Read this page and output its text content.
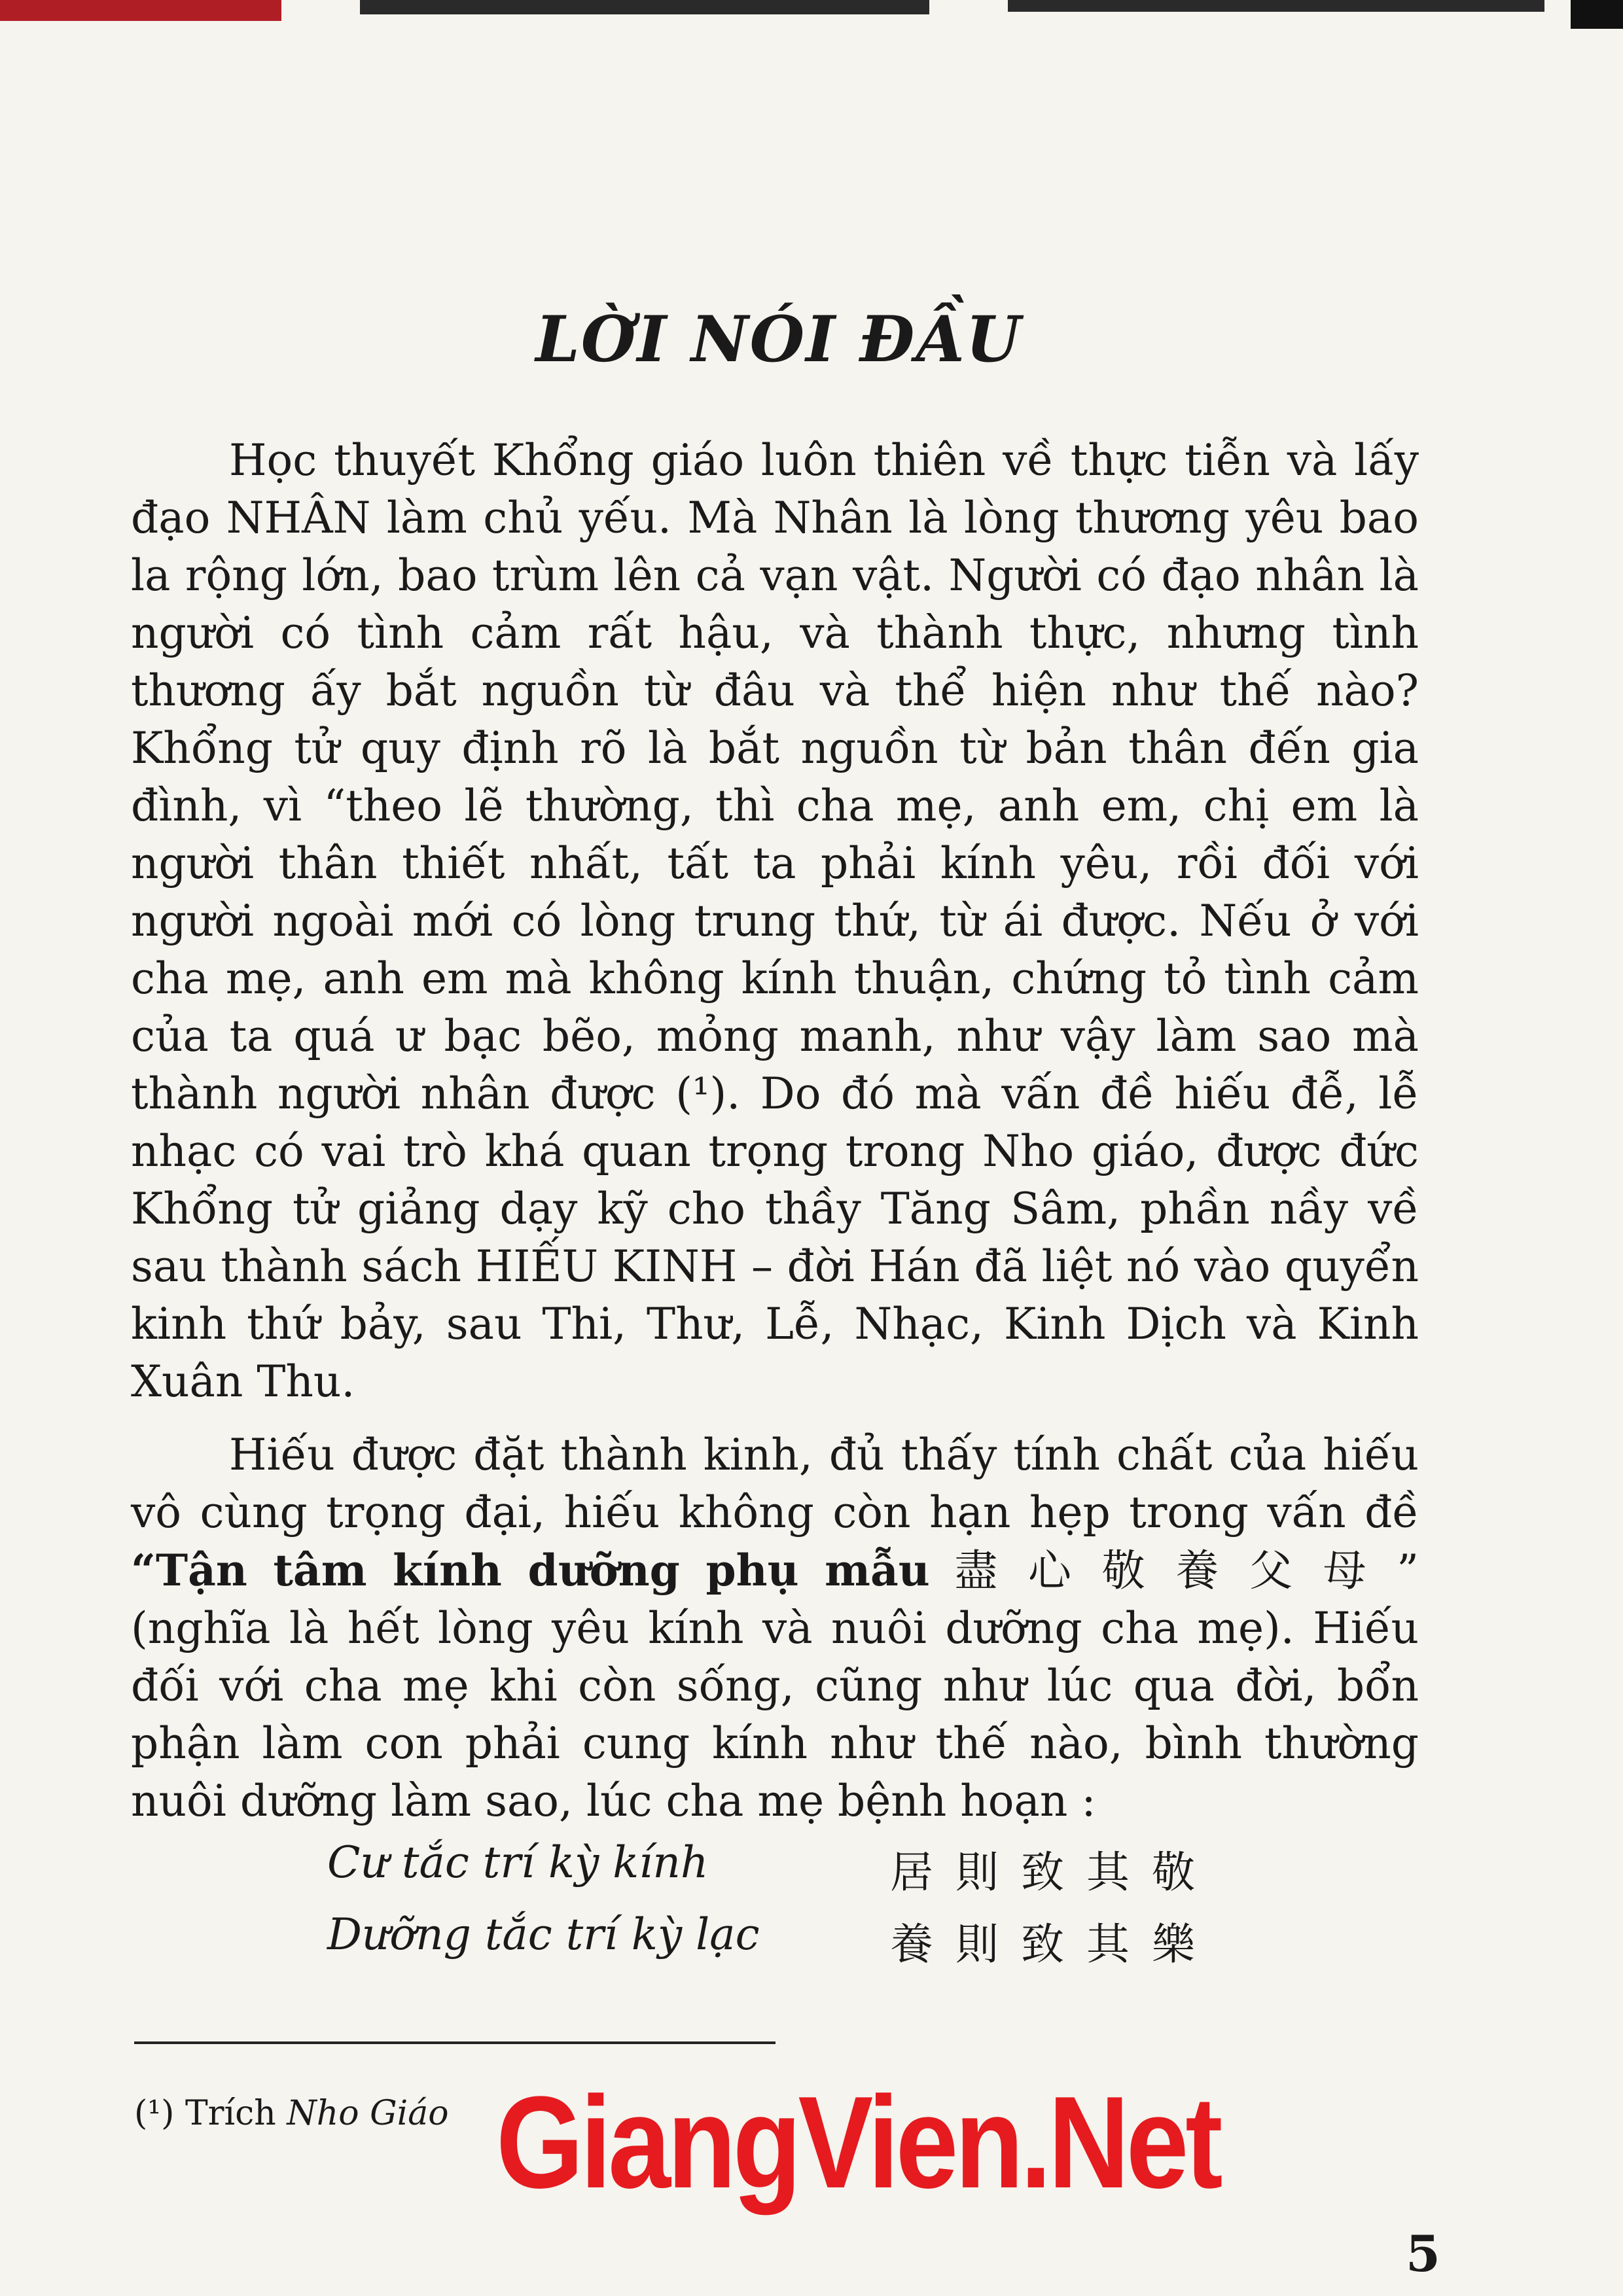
LỜI NÓI ĐẦU

Học thuyết Khổng giáo luôn thiên về thực tiễn và lấy đạo NHÂN làm chủ yếu. Mà Nhân là lòng thương yêu bao la rộng lớn, bao trùm lên cả vạn vật. Người có đạo nhân là người có tình cảm rất hậu, và thành thực, nhưng tình thương ấy bắt nguồn từ đâu và thể hiện như thế nào? Khổng tử quy định rõ là bắt nguồn từ bản thân đến gia đình, vì “theo lẽ thường, thì cha mẹ, anh em, chị em là người thân thiết nhất, tất ta phải kính yêu, rồi đối với người ngoài mới có lòng trung thứ, từ ái được. Nếu ở với cha mẹ, anh em mà không kính thuận, chứng tỏ tình cảm của ta quá ư bạc bẽo, mỏng manh, như vậy làm sao mà thành người nhân được (¹). Do đó mà vấn đề hiếu đễ, lễ nhạc có vai trò khá quan trọng trong Nho giáo, được đức Khổng tử giảng dạy kỹ cho thầy Tăng Sâm, phần nầy về sau thành sách HIẾU KINH – đời Hán đã liệt nó vào quyển kinh thứ bảy, sau Thi, Thư, Lễ, Nhạc, Kinh Dịch và Kinh Xuân Thu.

Hiếu được đặt thành kinh, đủ thấy tính chất của hiếu vô cùng trọng đại, hiếu không còn hạn hẹp trong vấn đề “Tận tâm kính dưỡng phụ mẫu 盡心敬養父母” (nghĩa là hết lòng yêu kính và nuôi dưỡng cha mẹ). Hiếu đối với cha mẹ khi còn sống, cũng như lúc qua đời, bổn phận làm con phải cung kính như thế nào, bình thường nuôi dưỡng làm sao, lúc cha mẹ bệnh hoạn :

Cư tắc trí kỳ kính	居則致其敬
Dưỡng tắc trí kỳ lạc	養則致其樂
(¹) Trích Nho Giáo GiangVien.Net
5
